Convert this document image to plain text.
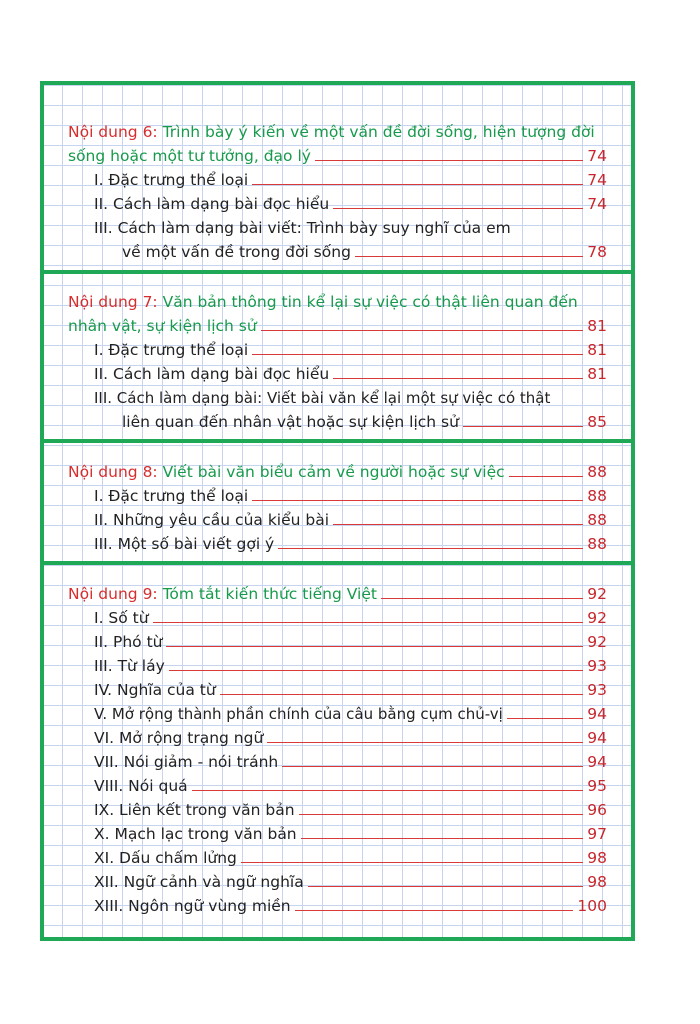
Nội dung 6: Trình bày ý kiến về một vấn đề đời sống, hiện tượng đời
sống hoặc một tư tưởng, đạo lý	74
I. Đặc trưng thể loại	74
II. Cách làm dạng bài đọc hiểu	74
III. Cách làm dạng bài viết: Trình bày suy nghĩ của em
về một vấn đề trong đời sống	78
Nội dung 7: Văn bản thông tin kể lại sự việc có thật liên quan đến
nhân vật, sự kiện lịch sử	81
I. Đặc trưng thể loại	81
II. Cách làm dạng bài đọc hiểu	81
III. Cách làm dạng bài: Viết bài văn kể lại một sự việc có thật
liên quan đến nhân vật hoặc sự kiện lịch sử	85
Nội dung 8: Viết bài văn biểu cảm về người hoặc sự việc	88
I. Đặc trưng thể loại	88
II. Những yêu cầu của kiểu bài	88
III. Một số bài viết gợi ý	88
Nội dung 9: Tóm tắt kiến thức tiếng Việt	92
I. Số từ	92
II. Phó từ	92
III. Từ láy	93
IV. Nghĩa của từ	93
V. Mở rộng thành phần chính của câu bằng cụm chủ-vị	94
VI. Mở rộng trạng ngữ	94
VII. Nói giảm - nói tránh	94
VIII. Nói quá	95
IX. Liên kết trong văn bản	96
X. Mạch lạc trong văn bản	97
XI. Dấu chấm lửng	98
XII. Ngữ cảnh và ngữ nghĩa	98
XIII. Ngôn ngữ vùng miền	100
